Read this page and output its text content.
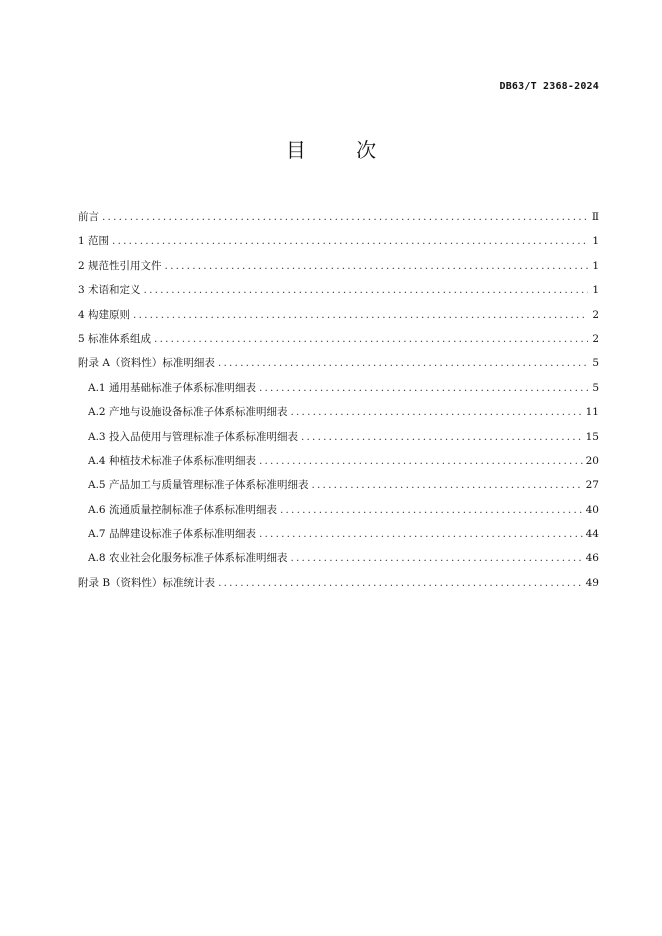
DB63/T 2368-2024
目 次
前言 .....	Ⅱ
1 范围 .....	1
2 规范性引用文件 .....	1
3 术语和定义 .....	1
4 构建原则 .....	2
5 标准体系组成 .....	2
附录 A（资料性）标准明细表 .....	5
A.1 通用基础标准子体系标准明细表 .....	5
A.2 产地与设施设备标准子体系标准明细表 .....	11
A.3 投入品使用与管理标准子体系标准明细表 .....	15
A.4 种植技术标准子体系标准明细表 .....	20
A.5 产品加工与质量管理标准子体系标准明细表 .....	27
A.6 流通质量控制标准子体系标准明细表 .....	40
A.7 品牌建设标准子体系标准明细表 .....	44
A.8 农业社会化服务标准子体系标准明细表 .....	46
附录 B（资料性）标准统计表 .....	49
